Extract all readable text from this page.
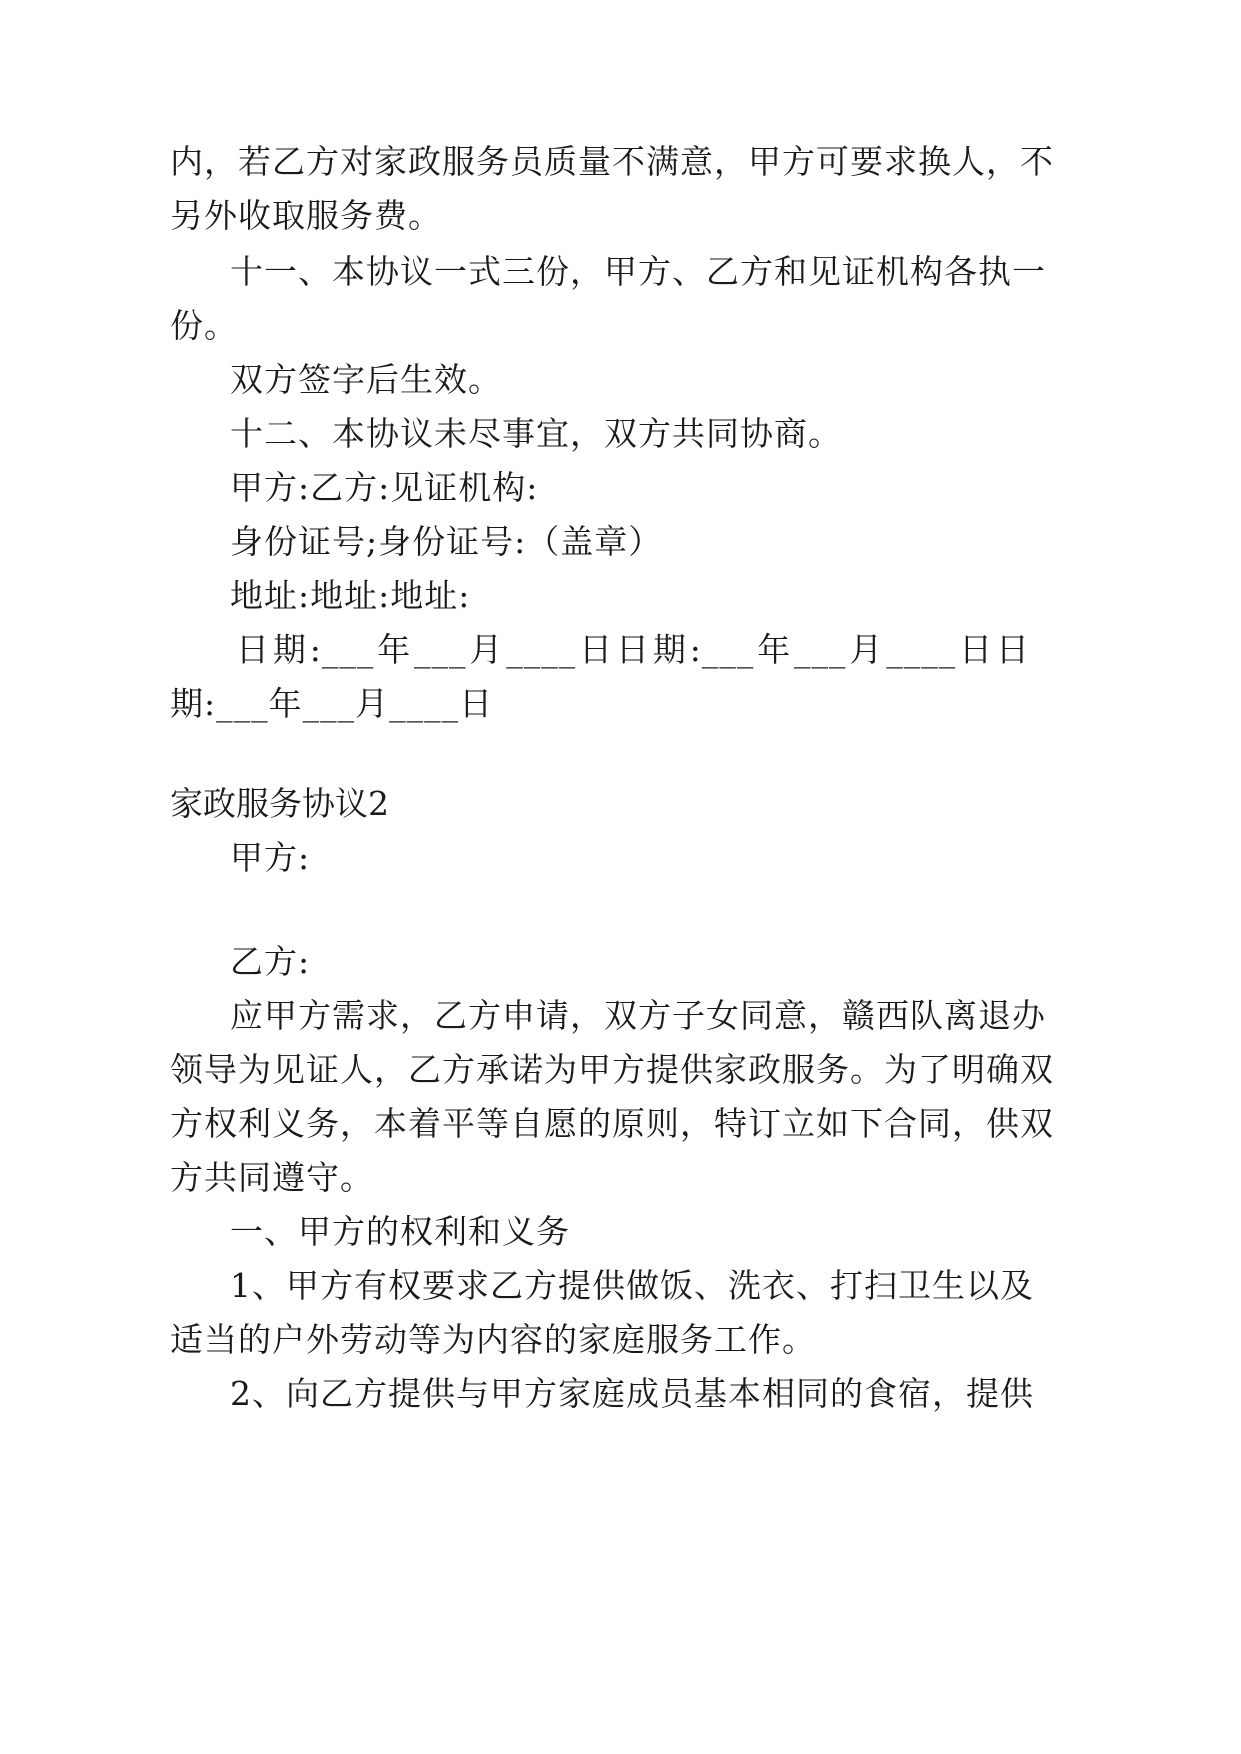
内，若乙方对家政服务员质量不满意，甲方可要求换人，不
另外收取服务费。
十一、本协议一式三份，甲方、乙方和见证机构各执一
份。
双方签字后生效。
十二、本协议未尽事宜，双方共同协商。
甲方:乙方:见证机构:
身份证号;身份证号:（盖章）
地址:地址:地址:
日期:___年___月____日日期:___年___月____日日
期:___年___月____日
家政服务协议2
甲方:
乙方:
应甲方需求，乙方申请，双方子女同意，赣西队离退办
领导为见证人，乙方承诺为甲方提供家政服务。为了明确双
方权利义务，本着平等自愿的原则，特订立如下合同，供双
方共同遵守。
一、甲方的权利和义务
1、甲方有权要求乙方提供做饭、洗衣、打扫卫生以及
适当的户外劳动等为内容的家庭服务工作。
2、向乙方提供与甲方家庭成员基本相同的食宿，提供
